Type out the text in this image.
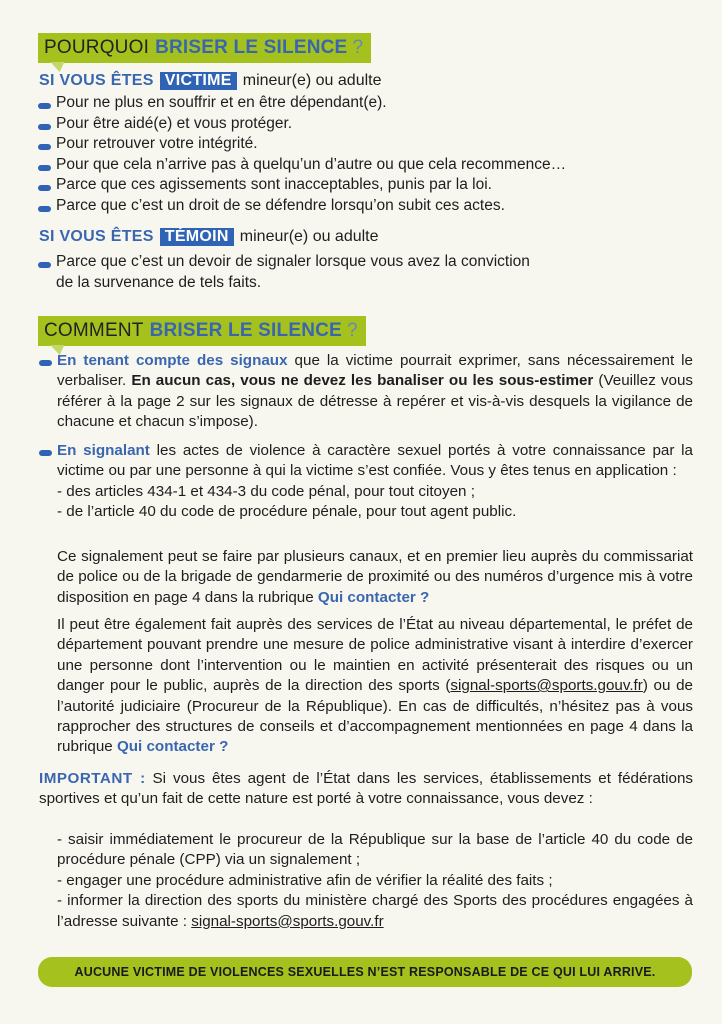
POURQUOI BRISER LE SILENCE ?
SI VOUS ÊTES VICTIME mineur(e) ou adulte
Pour ne plus en souffrir et en être dépendant(e).
Pour être aidé(e) et vous protéger.
Pour retrouver votre intégrité.
Pour que cela n’arrive pas à quelqu’un d’autre ou que cela recommence…
Parce que ces agissements sont inacceptables, punis par la loi.
Parce que c’est un droit de se défendre lorsqu’on subit ces actes.
SI VOUS ÊTES TÉMOIN mineur(e) ou adulte
Parce que c’est un devoir de signaler lorsque vous avez la conviction
de la survenance de tels faits.
COMMENT BRISER LE SILENCE ?
En tenant compte des signaux que la victime pourrait exprimer, sans nécessairement le verbaliser. En aucun cas, vous ne devez les banaliser ou les sous-estimer (Veuillez vous référer à la page 2 sur les signaux de détresse à repérer et vis-à-vis desquels la vigilance de chacune et chacun s’impose).
En signalant les actes de violence à caractère sexuel portés à votre connaissance par la victime ou par une personne à qui la victime s’est confiée. Vous y êtes tenus en application :
- des articles 434-1 et 434-3 du code pénal, pour tout citoyen ;
- de l’article 40 du code de procédure pénale, pour tout agent public.
Ce signalement peut se faire par plusieurs canaux, et en premier lieu auprès du commissariat de police ou de la brigade de gendarmerie de proximité ou des numéros d’urgence mis à votre disposition en page 4 dans la rubrique Qui contacter ?
Il peut être également fait auprès des services de l’État au niveau départemental, le préfet de département pouvant prendre une mesure de police administrative visant à interdire d’exercer une personne dont l’intervention ou le maintien en activité présenterait des risques ou un danger pour le public, auprès de la direction des sports (signal-sports@sports.gouv.fr) ou de l’autorité judiciaire (Procureur de la République). En cas de difficultés, n’hésitez pas à vous rapprocher des structures de conseils et d’accompagnement mentionnées en page 4 dans la rubrique Qui contacter ?
IMPORTANT : Si vous êtes agent de l’État dans les services, établissements et fédérations sportives et qu’un fait de cette nature est porté à votre connaissance, vous devez :
- saisir immédiatement le procureur de la République sur la base de l’article 40 du code de procédure pénale (CPP) via un signalement ;
- engager une procédure administrative afin de vérifier la réalité des faits ;
- informer la direction des sports du ministère chargé des Sports des procédures engagées à l’adresse suivante : signal-sports@sports.gouv.fr
AUCUNE VICTIME DE VIOLENCES SEXUELLES N’EST RESPONSABLE DE CE QUI LUI ARRIVE.
